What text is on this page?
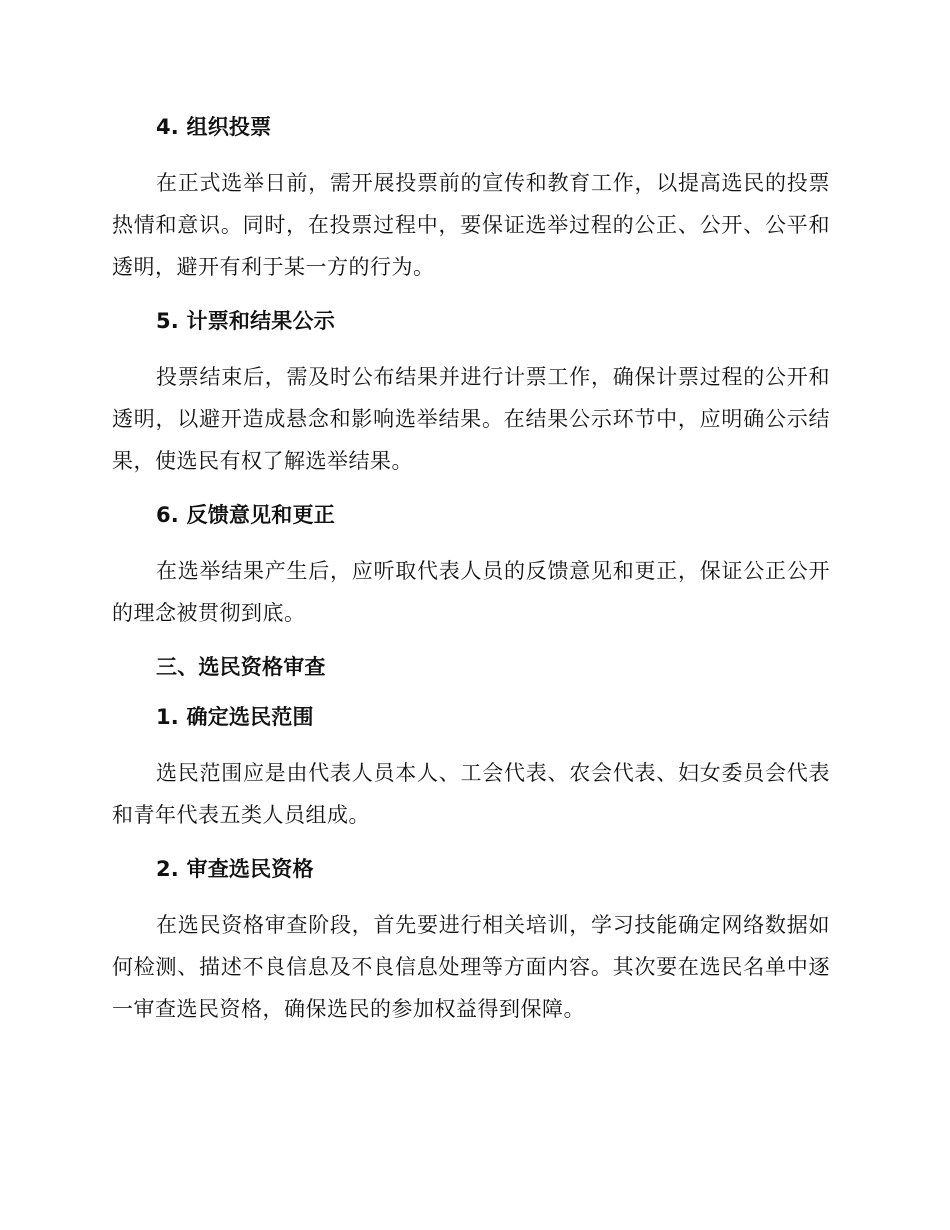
4. 组织投票
在正式选举日前，需开展投票前的宣传和教育工作，以提高选民的投票热情和意识。同时，在投票过程中，要保证选举过程的公正、公开、公平和透明，避开有利于某一方的行为。
5. 计票和结果公示
投票结束后，需及时公布结果并进行计票工作，确保计票过程的公开和透明，以避开造成悬念和影响选举结果。在结果公示环节中，应明确公示结果，使选民有权了解选举结果。
6. 反馈意见和更正
在选举结果产生后，应听取代表人员的反馈意见和更正，保证公正公开的理念被贯彻到底。
三、选民资格审查
1. 确定选民范围
选民范围应是由代表人员本人、工会代表、农会代表、妇女委员会代表和青年代表五类人员组成。
2. 审查选民资格
在选民资格审查阶段，首先要进行相关培训，学习技能确定网络数据如何检测、描述不良信息及不良信息处理等方面内容。其次要在选民名单中逐一审查选民资格，确保选民的参加权益得到保障。
